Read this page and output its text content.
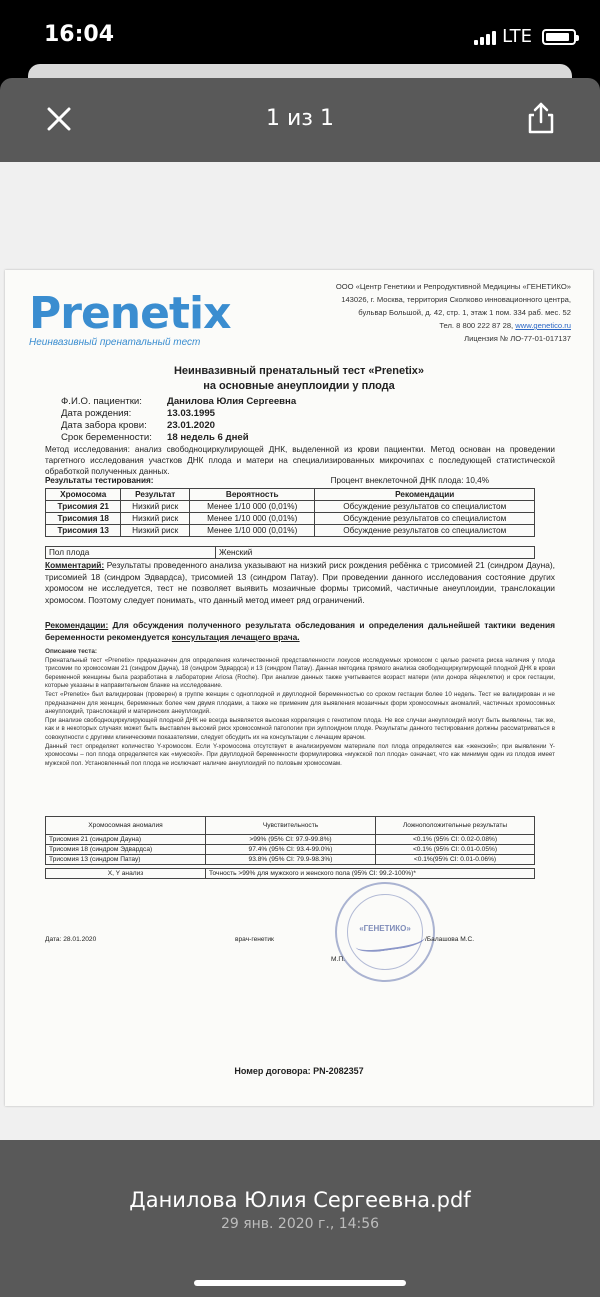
16:04	LTE
1 из 1
Prenetix
Неинвазивный пренатальный тест
ООО «Центр Генетики и Репродуктивной Медицины «ГЕНЕТИКО»
143026, г. Москва, территория Сколково инновационного центра,
бульвар Большой, д. 42, стр. 1, этаж 1 пом. 334 раб. мес. 52
Тел. 8 800 222 87 28, www.genetico.ru
Лицензия № ЛО-77-01-017137
Неинвазивный пренатальный тест «Prenetix»
на основные анеуплоидии у плода
Ф.И.О. пациентки:	Данилова Юлия Сергеевна
Дата рождения:	13.03.1995
Дата забора крови:	23.01.2020
Срок беременности:	18 недель 6 дней
Метод исследования: анализ свободноциркулирующей ДНК, выделенной из крови пациентки. Метод основан на проведении таргетного исследования участков ДНК плода и матери на специализированных микрочипах с последующей статистической обработкой полученных данных.
Результаты тестирования:	Процент внеклеточной ДНК плода: 10,4%
Хромосома	Результат	Вероятность	Рекомендации
Трисомия 21	Низкий риск	Менее 1/10 000 (0,01%)	Обсуждение результатов со специалистом
Трисомия 18	Низкий риск	Менее 1/10 000 (0,01%)	Обсуждение результатов со специалистом
Трисомия 13	Низкий риск	Менее 1/10 000 (0,01%)	Обсуждение результатов со специалистом
Пол плода	Женский
Комментарий: Результаты проведенного анализа указывают на низкий риск рождения ребёнка с трисомией 21 (синдром Дауна), трисомией 18 (синдром Эдвардса), трисомией 13 (синдром Патау). При проведении данного исследования состояние других хромосом не исследуется, тест не позволяет выявить мозаичные формы трисомий, частичные анеуплоидии, транслокации хромосом. Поэтому следует понимать, что данный метод имеет ряд ограничений.
Рекомендации: Для обсуждения полученного результата обследования и определения дальнейшей тактики ведения беременности рекомендуется консультация лечащего врача.
Описание теста:
Пренатальный тест «Prenetix» предназначен для определения количественной представленности локусов исследуемых хромосом с целью расчета риска наличия у плода трисомии по хромосомам 21 (синдром Дауна), 18 (синдром Эдвардса) и 13 (синдром Патау). Данная методика прямого анализа свободноциркулирующей плодной ДНК в крови беременной женщины была разработана в лаборатории Ariosa (Roche). При анализе данных также учитывается возраст матери (или донора яйцеклетки) и срок гестации, которые указаны в направительном бланке на исследование.
Тест «Prenetix» был валидирован (проверен) в группе женщин с одноплодной и двуплодной беременностью со сроком гестации более 10 недель. Тест не валидирован и не предназначен для женщин, беременных более чем двумя плодами, а также не применим для выявления мозаичных форм хромосомных аномалий, частичных хромосомных анеуплоидий, транслокаций и материнских анеуплоидий.
При анализе свободноциркулирующей плодной ДНК не всегда выявляется высокая корреляция с генотипом плода. Не все случаи анеуплоидий могут быть выявлены, так же, как и в некоторых случаях может быть выставлен высокий риск хромосомной патологии при эуплоидном плоде. Результаты данного тестирования должны рассматриваться в совокупности с другими клиническими показателями, следует обсудить их на консультации с лечащим врачом.
Данный тест определяет количество Y-хромосом. Если Y-хромосома отсутствует в анализируемом материале пол плода определяется как «женский»; при выявлении Y-хромосомы – пол плода определяется как «мужской». При двуплодной беременности формулировка «мужской пол плода» означает, что как минимум один из плодов имеет мужской пол. Установленный пол плода не исключает наличие анеуплоидий по половым хромосомам.
Хромосомная аномалия	Чувствительность	Ложноположительные результаты
Трисомия 21 (синдром Дауна)	>99% (95% CI: 97.9-99.8%)	<0.1% (95% CI: 0.02-0.08%)
Трисомия 18 (синдром Эдвардса)	97.4% (95% CI: 93.4-99.0%)	<0.1% (95% CI: 0.01-0.05%)
Трисомия 13 (синдром Патау)	93.8% (95% CI: 79.9-98.3%)	<0.1%(95% CI: 0.01-0.06%)

X, Y анализ	Точность >99% для мужского и женского пола (95% CI: 99.2-100%)*	
«ГЕНЕТИКО»
Дата: 28.01.2020	врач-генетик	/Балашова М.С.
М.П.
Номер договора: PN-2082357
Данилова Юлия Сергеевна.pdf
29 янв. 2020 г., 14:56
